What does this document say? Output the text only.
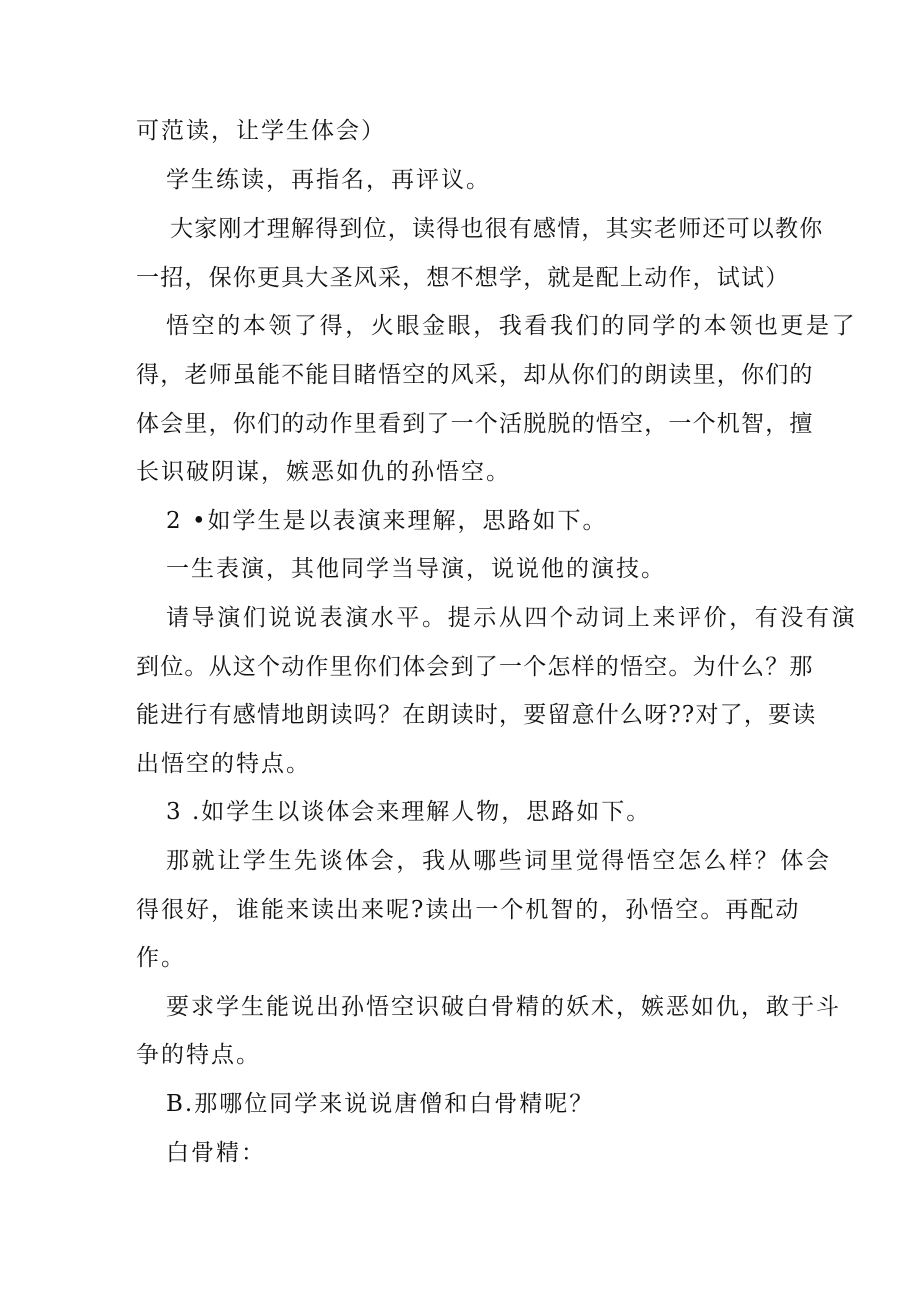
可范读，让学生体会）
学生练读，再指名，再评议。
大家刚才理解得到位，读得也很有感情，其实老师还可以教你
一招，保你更具大圣风采，想不想学，就是配上动作，试试）
悟空的本领了得，火眼金眼，我看我们的同学的本领也更是了
得，老师虽能不能目睹悟空的风采，却从你们的朗读里，你们的
体会里，你们的动作里看到了一个活脱脱的悟空，一个机智，擅
长识破阴谋，嫉恶如仇的孙悟空。
2 •如学生是以表演来理解，思路如下。
一生表演，其他同学当导演，说说他的演技。
请导演们说说表演水平。提示从四个动词上来评价，有没有演
到位。从这个动作里你们体会到了一个怎样的悟空。为什么？那
能进行有感情地朗读吗？在朗读时，要留意什么呀??对了，要读
出悟空的特点。
3 .如学生以谈体会来理解人物，思路如下。
那就让学生先谈体会，我从哪些词里觉得悟空怎么样？体会
得很好，谁能来读出来呢?读出一个机智的，孙悟空。再配动
作。
要求学生能说出孙悟空识破白骨精的妖术，嫉恶如仇，敢于斗
争的特点。
B.那哪位同学来说说唐僧和白骨精呢？
白骨精：
